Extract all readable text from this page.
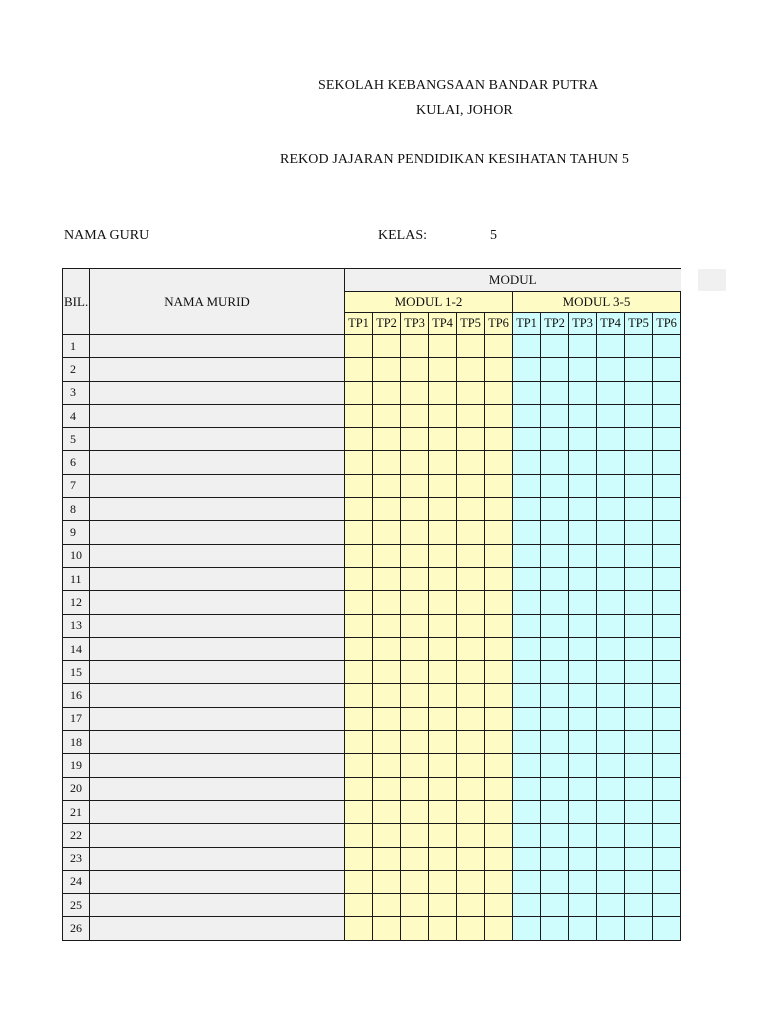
SEKOLAH KEBANGSAAN BANDAR PUTRA
KULAI, JOHOR
REKOD JAJARAN PENDIDIKAN KESIHATAN TAHUN 5
NAMA GURU	KELAS:	5
BIL.	NAMA MURID	MODUL											
		MODUL 1-2						MODUL 3-5					
		TP1	TP2	TP3	TP4	TP5	TP6	TP1	TP2	TP3	TP4	TP5	TP6
1													
2													
3													
4													
5													
6													
7													
8													
9													
10													
11													
12													
13													
14													
15													
16													
17													
18													
19													
20													
21													
22													
23													
24													
25													
26													
